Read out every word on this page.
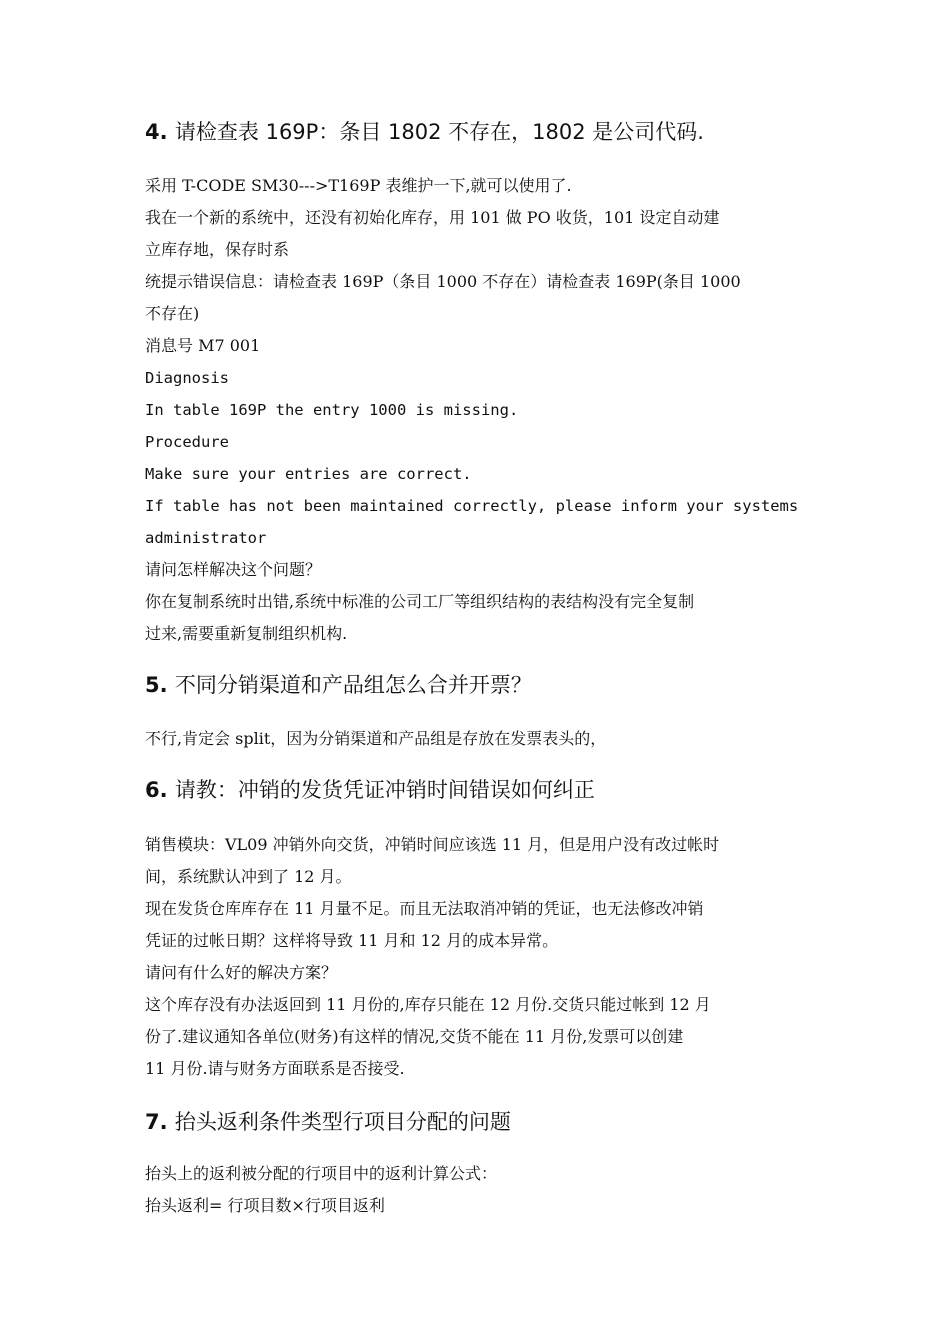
4. 请检查表 169P：条目 1802 不存在，1802 是公司代码.

采用 T-CODE SM30--->T169P 表维护一下,就可以使用了.

我在一个新的系统中，还没有初始化库存，用 101 做 PO 收货，101 设定自动建

立库存地，保存时系

统提示错误信息：请检查表 169P（条目 1000 不存在）请检查表 169P(条目 1000

不存在)

消息号 M7 001

Diagnosis

In table 169P the entry 1000 is missing.

Procedure

Make sure your entries are correct.

If table has not been maintained correctly, please inform your systems

administrator

请问怎样解决这个问题？

你在复制系统时出错,系统中标准的公司工厂等组织结构的表结构没有完全复制

过来,需要重新复制组织机构.

5. 不同分销渠道和产品组怎么合并开票？

不行,肯定会 split，因为分销渠道和产品组是存放在发票表头的，

6. 请教：冲销的发货凭证冲销时间错误如何纠正

销售模块：VL09 冲销外向交货，冲销时间应该选 11 月，但是用户没有改过帐时

间，系统默认冲到了 12 月。

现在发货仓库库存在 11 月量不足。而且无法取消冲销的凭证，也无法修改冲销

凭证的过帐日期？这样将导致 11 月和 12 月的成本异常。

请问有什么好的解决方案？

这个库存没有办法返回到 11 月份的,库存只能在 12 月份.交货只能过帐到 12 月

份了.建议通知各单位(财务)有这样的情况,交货不能在 11 月份,发票可以创建

11 月份.请与财务方面联系是否接受.

7. 抬头返利条件类型行项目分配的问题

抬头上的返利被分配的行项目中的返利计算公式：

抬头返利= 行项目数×行项目返利
